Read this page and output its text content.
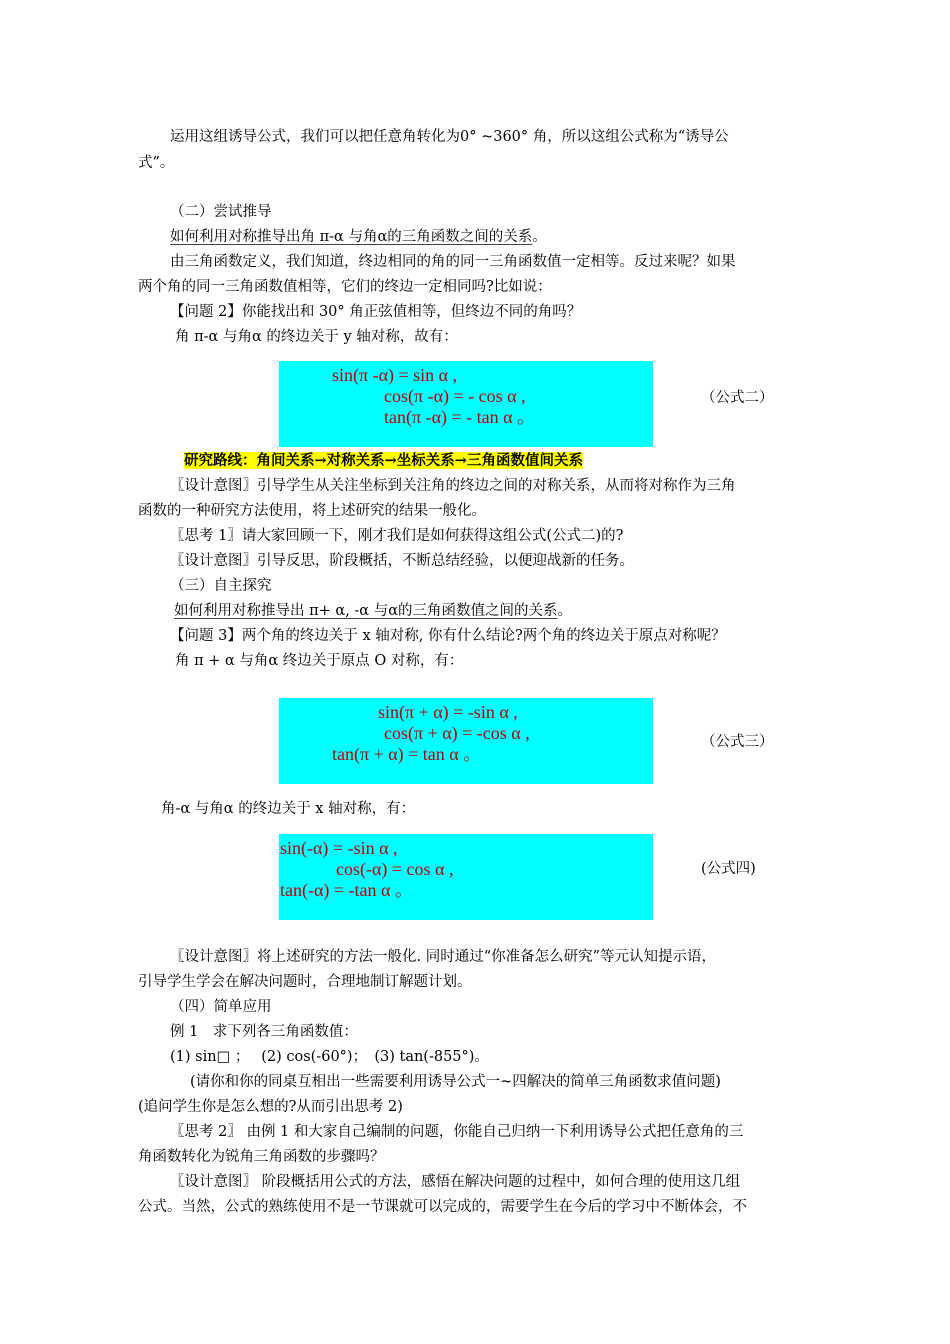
运用这组诱导公式，我们可以把任意角转化为0° ~360° 角，所以这组公式称为“诱导公
式”。
（二）尝试推导
如何利用对称推导出角 π-α 与角α的三角函数之间的关系。
由三角函数定义，我们知道，终边相同的角的同一三角函数值一定相等。反过来呢？如果
两个角的同一三角函数值相等，它们的终边一定相同吗?比如说：
【问题 2】你能找出和 30° 角正弦值相等，但终边不同的角吗？
角 π-α 与角α 的终边关于 y 轴对称，故有：
sin(π -α) = sin α ,
cos(π -α) = - cos α ,
tan(π -α) = - tan α 。
（公式二）
研究路线：角间关系→对称关系→坐标关系→三角函数值间关系
〖设计意图〗引导学生从关注坐标到关注角的终边之间的对称关系，从而将对称作为三角
函数的一种研究方法使用，将上述研究的结果一般化。
〖思考 1〗请大家回顾一下，刚才我们是如何获得这组公式(公式二)的?
〖设计意图〗引导反思，阶段概括，不断总结经验，以便迎战新的任务。
（三）自主探究
如何利用对称推导出 π+ α, -α 与α的三角函数值之间的关系。
【问题 3】两个角的终边关于 x 轴对称, 你有什么结论?两个角的终边关于原点对称呢？
角 π + α 与角α 终边关于原点 O 对称，有：
sin(π + α) = -sin α ,
cos(π + α) = -cos α ,
tan(π + α) = tan α 。
（公式三）
角-α 与角α 的终边关于 x 轴对称，有：
sin(-α) = -sin α ,
cos(-α) = cos α ,
tan(-α) = -tan α 。
(公式四)
〖设计意图〗将上述研究的方法一般化. 同时通过“你准备怎么研究”等元认知提示语，
引导学生学会在解决问题时，合理地制订解题计划。
（四）简单应用
例 1　求下列各三角函数值：
(1) sin□ ；　 (2) cos(-60°)；　(3) tan(-855°)。
(请你和你的同桌互相出一些需要利用诱导公式一~四解决的简单三角函数求值问题)
(追问学生你是怎么想的?从而引出思考 2)
〖思考 2〗 由例 1 和大家自己编制的问题，你能自己归纳一下利用诱导公式把任意角的三
角函数转化为锐角三角函数的步骤吗？
〖设计意图〗 阶段概括用公式的方法，感悟在解决问题的过程中，如何合理的使用这几组
公式。当然，公式的熟练使用不是一节课就可以完成的，需要学生在今后的学习中不断体会，不
